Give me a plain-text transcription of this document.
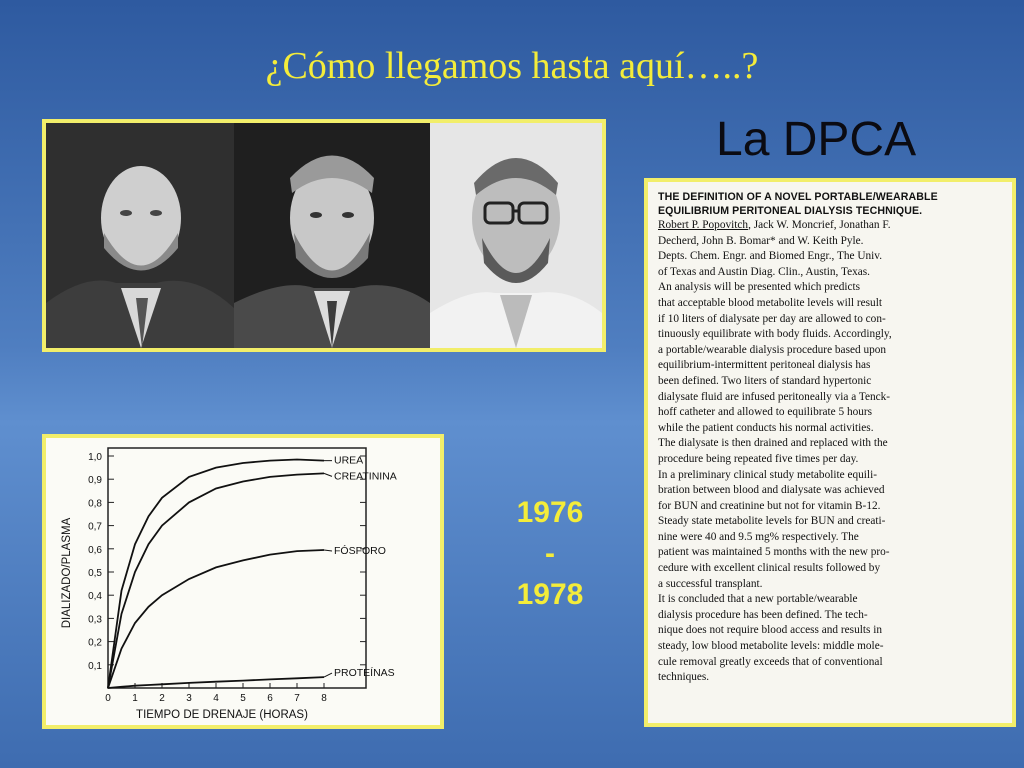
¿Cómo llegamos hasta aquí…..?
La DPCA
0,1
0,2
0,3
0,4
0,5
0,6
0,7
0,8
0,9
1,0
0 1 2 3 4 5 6 7 8
TIEMPO DE DRENAJE (HORAS)
DIALIZADO/PLASMA
UREA
CREATININA
FÓSFORO
PROTEÍNAS
1976
-
1978
THE DEFINITION OF A NOVEL PORTABLE/WEARABLE
EQUILIBRIUM PERITONEAL DIALYSIS TECHNIQUE.
Robert P. Popovitch, Jack W. Moncrief, Jonathan F.
Decherd, John B. Bomar* and W. Keith Pyle.
Depts. Chem. Engr. and Biomed Engr., The Univ.
of Texas and Austin Diag. Clin., Austin, Texas.
An analysis will be presented which predicts
that acceptable blood metabolite levels will result
if 10 liters of dialysate per day are allowed to con-
tinuously equilibrate with body fluids. Accordingly,
a portable/wearable dialysis procedure based upon
equilibrium-intermittent peritoneal dialysis has
been defined. Two liters of standard hypertonic
dialysate fluid are infused peritoneally via a Tenck-
hoff catheter and allowed to equilibrate 5 hours
while the patient conducts his normal activities.
The dialysate is then drained and replaced with the
procedure being repeated five times per day.
In a preliminary clinical study metabolite equili-
bration between blood and dialysate was achieved
for BUN and creatinine but not for vitamin B-12.
Steady state metabolite levels for BUN and creati-
nine were 40 and 9.5 mg% respectively. The
patient was maintained 5 months with the new pro-
cedure with excellent clinical results followed by
a successful transplant.
It is concluded that a new portable/wearable
dialysis procedure has been defined. The tech-
nique does not require blood access and results in
steady, low blood metabolite levels: middle mole-
cule removal greatly exceeds that of conventional
techniques.
